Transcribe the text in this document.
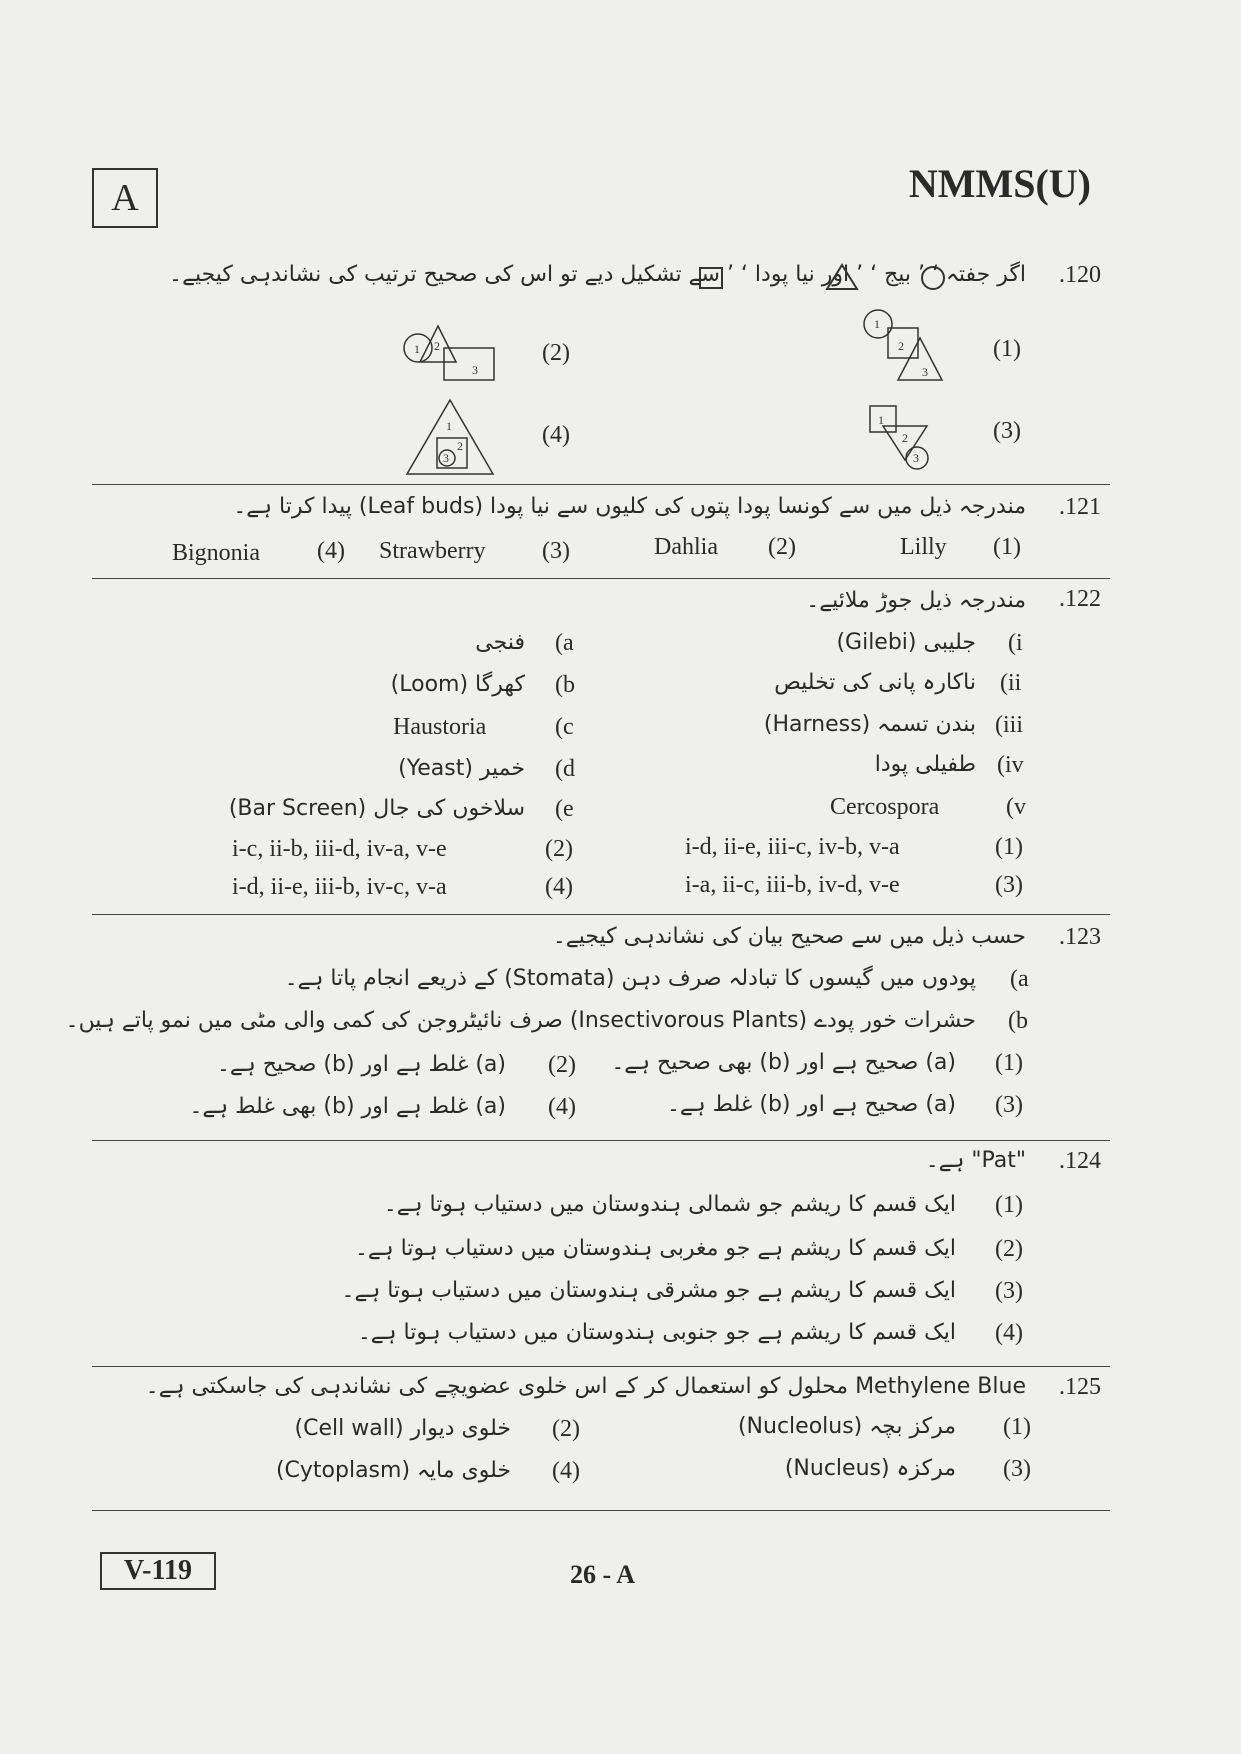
A	NMMS(U)
.120
اگر جفتہ ‘ ’ بیج ‘ ’ اور نیا پودا ‘ ’ سے تشکیل دیے تو اس کی صحیح ترتیب کی نشاندہی کیجیے۔
(1)
1
2
3
(2)
1 2
3
(3)
1
2
3
(4)
1
2
3
.121
مندرجہ ذیل میں سے کونسا پودا پتوں کی کلیوں سے نیا پودا (Leaf buds) پیدا کرتا ہے۔
(1)
Lilly
(2)
Dahlia
(3)
Strawberry
(4)
Bignonia
.122
مندرجہ ذیل جوڑ ملائیے۔
(i
جلیبی (Gilebi)
(ii
ناکارہ پانی کی تخلیص
(iii
بندن تسمہ (Harness)
(iv
طفیلی پودا
(v
Cercospora
(a
فنجی
(b
کھرگا (Loom)
(c
Haustoria
(d
خمیر (Yeast)
(e
سلاخوں کی جال (Bar Screen)
(1)
i-d, ii-e, iii-c, iv-b, v-a
(2)
i-c, ii-b, iii-d, iv-a, v-e
(3)
i-a, ii-c, iii-b, iv-d, v-e
(4)
i-d, ii-e, iii-b, iv-c, v-a
.123
حسب ذیل میں سے صحیح بیان کی نشاندہی کیجیے۔
(a
پودوں میں گیسوں کا تبادلہ صرف دہن (Stomata) کے ذریعے انجام پاتا ہے۔
(b
حشرات خور پودے (Insectivorous Plants) صرف نائیٹروجن کی کمی والی مٹی میں نمو پاتے ہیں۔
(1)
(a) صحیح ہے اور (b) بھی صحیح ہے۔
(2)
(a) غلط ہے اور (b) صحیح ہے۔
(3)
(a) صحیح ہے اور (b) غلط ہے۔
(4)
(a) غلط ہے اور (b) بھی غلط ہے۔
.124
"Pat" ہے۔
(1)
ایک قسم کا ریشم جو شمالی ہندوستان میں دستیاب ہوتا ہے۔
(2)
ایک قسم کا ریشم ہے جو مغربی ہندوستان میں دستیاب ہوتا ہے۔
(3)
ایک قسم کا ریشم ہے جو مشرقی ہندوستان میں دستیاب ہوتا ہے۔
(4)
ایک قسم کا ریشم ہے جو جنوبی ہندوستان میں دستیاب ہوتا ہے۔
.125
Methylene Blue محلول کو استعمال کر کے اس خلوی عضویچے کی نشاندہی کی جاسکتی ہے۔
(1)
مرکز بچہ (Nucleolus)
(2)
خلوی دیوار (Cell wall)
(3)
مرکزہ (Nucleus)
(4)
خلوی مایہ (Cytoplasm)
V-119	26 - A
